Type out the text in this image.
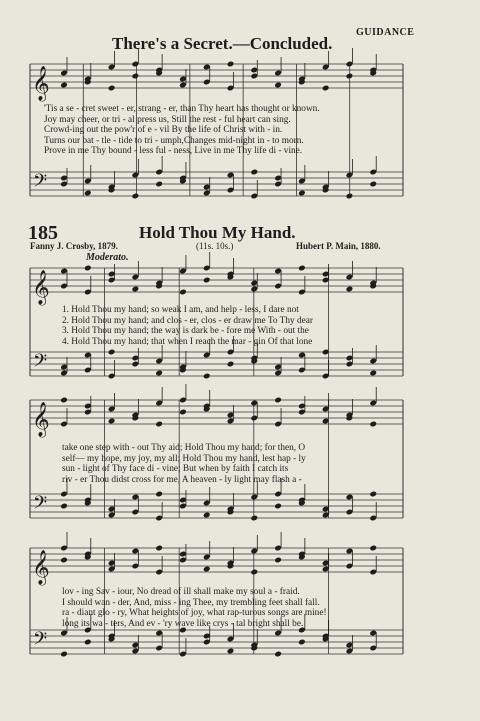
GUIDANCE
There's a Secret.—Concluded.
𝄞
𝄢
𝄞
𝄢
𝄞
𝄢
𝄞
𝄢
'Tis a se - cret sweet - er, strang - er, than Thy heart has thought or known.
Joy may cheer, or tri - al press us, Still the rest - ful heart can sing.
Crowd-ing out the pow'r of e - vil By the life of Christ with - in.
Turns our bat - tle - tide to tri - umph,Changes mid-night in - to morn.
Prove in me Thy bound - less ful - ness, Live in me Thy life di - vine.
185	Hold Thou My Hand.
Fanny J. Crosby, 1879.	(11s. 10s.)	Hubert P. Main, 1880.
Moderato.
1. Hold Thou my hand; so weak I am, and help - less, I dare not
2. Hold Thou my hand; and clos - er, clos - er draw me To Thy dear
3. Hold Thou my hand; the way is dark be - fore me With - out the
4. Hold Thou my hand; that when I reach the mar - gin Of that lone
take one step with - out Thy aid; Hold Thou my hand; for then, O
self— my hope, my joy, my all; Hold Thou my hand, lest hap - ly
sun - light of Thy face di - vine; But when by faith I catch its
riv - er Thou didst cross for me, A heaven - ly light may flash a -
lov - ing Sav - iour, No dread of ill shall make my soul a - fraid.
I should wan - der, And, miss - ing Thee, my trembling feet shall fall.
ra - diant glo - ry, What heights of joy, what rap-turous songs are mine!
long its wa - ters, And ev - 'ry wave like crys - tal bright shall be.
